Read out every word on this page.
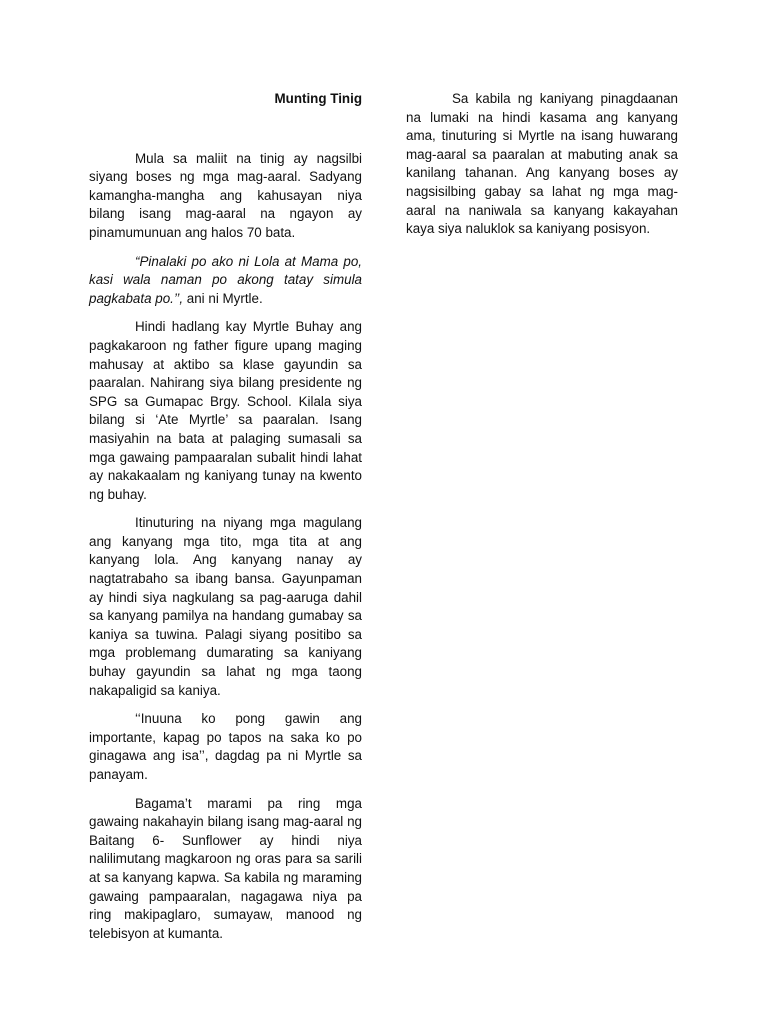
Munting Tinig

Mula sa maliit na tinig ay nagsilbi siyang boses ng mga mag-aaral. Sadyang kamangha-mangha ang kahusayan niya bilang isang mag-aaral na ngayon ay pinamumunuan ang halos 70 bata.

“Pinalaki po ako ni Lola at Mama po, kasi wala naman po akong tatay simula pagkabata po.’’, ani ni Myrtle.

Hindi hadlang kay Myrtle Buhay ang pagkakaroon ng father figure upang maging mahusay at aktibo sa klase gayundin sa paaralan. Nahirang siya bilang presidente ng SPG sa Gumapac Brgy. School. Kilala siya bilang si ‘Ate Myrtle’ sa paaralan. Isang masiyahin na bata at palaging sumasali sa mga gawaing pampaaralan subalit hindi lahat ay nakakaalam ng kaniyang tunay na kwento ng buhay.

Itinuturing na niyang mga magulang ang kanyang mga tito, mga tita at ang kanyang lola. Ang kanyang nanay ay nagtatrabaho sa ibang bansa. Gayunpaman ay hindi siya nagkulang sa pag-aaruga dahil sa kanyang pamilya na handang gumabay sa kaniya sa tuwina. Palagi siyang positibo sa mga problemang dumarating sa kaniyang buhay gayundin sa lahat ng mga taong nakapaligid sa kaniya.

‘‘Inuuna ko pong gawin ang importante, kapag po tapos na saka ko po ginagawa ang isa’’, dagdag pa ni Myrtle sa panayam.

Bagama’t marami pa ring mga gawaing nakahayin bilang isang mag-aaral ng Baitang 6- Sunflower ay hindi niya nalilimutang magkaroon ng oras para sa sarili at sa kanyang kapwa. Sa kabila ng maraming gawaing pampaaralan, nagagawa niya pa ring makipaglaro, sumayaw, manood ng telebisyon at kumanta.

Sa kabila ng kaniyang pinagdaanan na lumaki na hindi kasama ang kanyang ama, tinuturing si Myrtle na isang huwarang mag-aaral sa paaralan at mabuting anak sa kanilang tahanan. Ang kanyang boses ay nagsisilbing gabay sa lahat ng mga mag-aaral na naniwala sa kanyang kakayahan kaya siya naluklok sa kaniyang posisyon.
